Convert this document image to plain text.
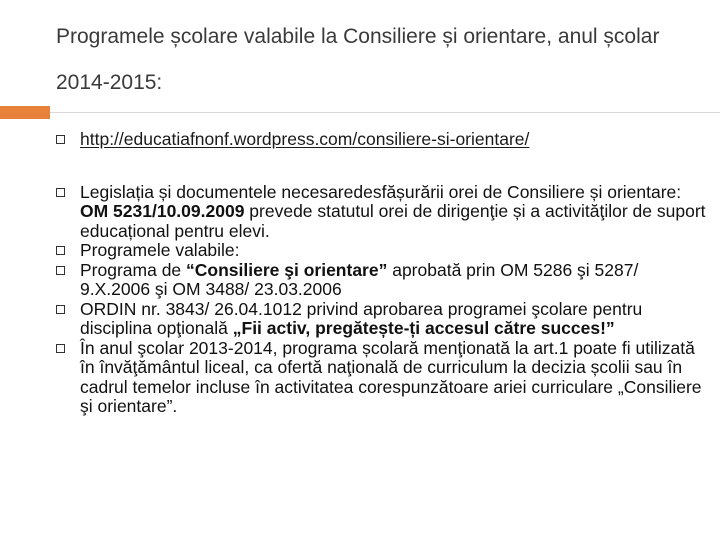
Programele școlare valabile la Consiliere și orientare, anul școlar 2014-2015:
http://educatiafnonf.wordpress.com/consiliere-si-orientare/
Legislația și documentele necesaredesfășurării orei de Consiliere și orientare: OM 5231/10.09.2009 prevede statutul orei de dirigenţie și a activităţilor de suport educațional pentru elevi.
Programele valabile:
Programa de “Consiliere şi orientare” aprobată prin OM 5286 şi 5287/ 9.X.2006 şi OM 3488/ 23.03.2006
ORDIN nr. 3843/ 26.04.1012 privind aprobarea programei şcolare pentru disciplina opţională „Fii activ, pregătește-ți accesul către succes!”
În anul şcolar 2013-2014, programa școlară menţionată la art.1 poate fi utilizată în învăţământul liceal, ca ofertă naţională de curriculum la decizia școlii sau în cadrul temelor incluse în activitatea corespunzătoare ariei curriculare „Consiliere şi orientare”.
